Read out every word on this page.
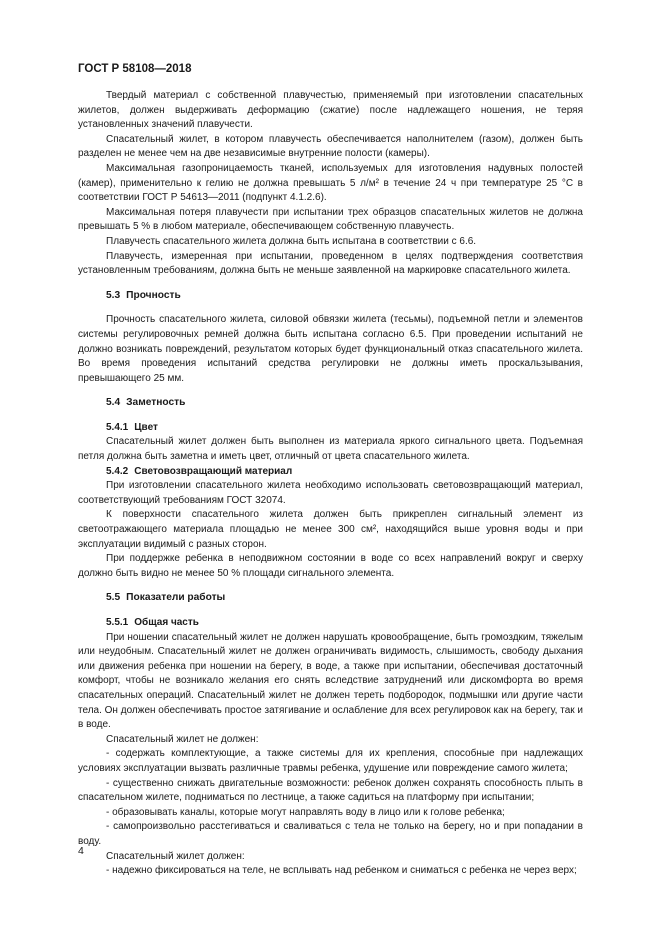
ГОСТ Р 58108—2018

Твердый материал с собственной плавучестью, применяемый при изготовлении спасательных жилетов, должен выдерживать деформацию (сжатие) после надлежащего ношения, не теряя установленных значений плавучести.

Спасательный жилет, в котором плавучесть обеспечивается наполнителем (газом), должен быть разделен не менее чем на две независимые внутренние полости (камеры).

Максимальная газопроницаемость тканей, используемых для изготовления надувных полостей (камер), применительно к гелию не должна превышать 5 л/м² в течение 24 ч при температуре 25 °С в соответствии ГОСТ Р 54613—2011 (подпункт 4.1.2.6).

Максимальная потеря плавучести при испытании трех образцов спасательных жилетов не должна превышать 5 % в любом материале, обеспечивающем собственную плавучесть.

Плавучесть спасательного жилета должна быть испытана в соответствии с 6.6.

Плавучесть, измеренная при испытании, проведенном в целях подтверждения соответствия установленным требованиям, должна быть не меньше заявленной на маркировке спасательного жилета.

5.3 Прочность

Прочность спасательного жилета, силовой обвязки жилета (тесьмы), подъемной петли и элементов системы регулировочных ремней должна быть испытана согласно 6.5. При проведении испытаний не должно возникать повреждений, результатом которых будет функциональный отказ спасательного жилета. Во время проведения испытаний средства регулировки не должны иметь проскальзывания, превышающего 25 мм.

5.4 Заметность
5.4.1 Цвет

Спасательный жилет должен быть выполнен из материала яркого сигнального цвета. Подъемная петля должна быть заметна и иметь цвет, отличный от цвета спасательного жилета.

5.4.2 Световозвращающий материал

При изготовлении спасательного жилета необходимо использовать световозвращающий материал, соответствующий требованиям ГОСТ 32074.

К поверхности спасательного жилета должен быть прикреплен сигнальный элемент из светоотражающего материала площадью не менее 300 см², находящийся выше уровня воды и при эксплуатации видимый с разных сторон.

При поддержке ребенка в неподвижном состоянии в воде со всех направлений вокруг и сверху должно быть видно не менее 50 % площади сигнального элемента.

5.5 Показатели работы
5.5.1 Общая часть

При ношении спасательный жилет не должен нарушать кровообращение, быть громоздким, тяжелым или неудобным. Спасательный жилет не должен ограничивать видимость, слышимость, свободу дыхания или движения ребенка при ношении на берегу, в воде, а также при испытании, обеспечивая достаточный комфорт, чтобы не возникало желания его снять вследствие затруднений или дискомфорта во время спасательных операций. Спасательный жилет не должен тереть подбородок, подмышки или другие части тела. Он должен обеспечивать простое затягивание и ослабление для всех регулировок как на берегу, так и в воде.

Спасательный жилет не должен:

- содержать комплектующие, а также системы для их крепления, способные при надлежащих условиях эксплуатации вызвать различные травмы ребенка, удушение или повреждение самого жилета;

- существенно снижать двигательные возможности: ребенок должен сохранять способность плыть в спасательном жилете, подниматься по лестнице, а также садиться на платформу при испытании;

- образовывать каналы, которые могут направлять воду в лицо или к голове ребенка;

- самопроизвольно расстегиваться и сваливаться с тела не только на берегу, но и при попадании в воду.

Спасательный жилет должен:

- надежно фиксироваться на теле, не всплывать над ребенком и сниматься с ребенка не через верх;

4
